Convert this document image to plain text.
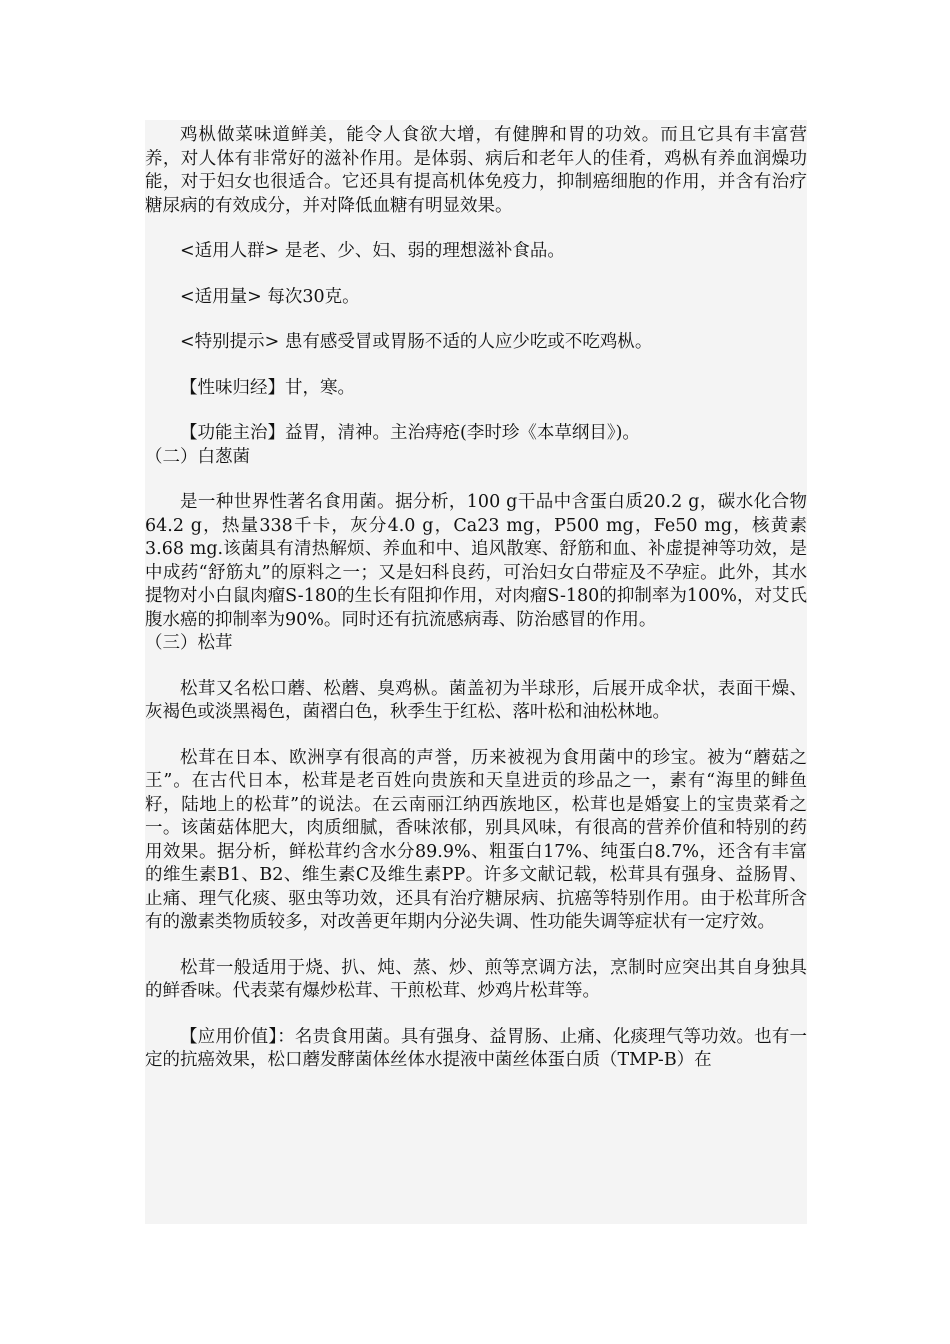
鸡枞做菜味道鲜美，能令人食欲大增，有健脾和胃的功效。而且它具有丰富营养，对人体有非常好的滋补作用。是体弱、病后和老年人的佳肴，鸡枞有养血润燥功能，对于妇女也很适合。它还具有提高机体免疫力，抑制癌细胞的作用，并含有治疗糖尿病的有效成分，并对降低血糖有明显效果。

<适用人群> 是老、少、妇、弱的理想滋补食品。

<适用量> 每次30克。

<特别提示> 患有感受冒或胃肠不适的人应少吃或不吃鸡枞。

【性味归经】甘，寒。

【功能主治】益胃，清神。主治痔疮(李时珍《本草纲目》)。

（二）白葱菌

是一种世界性著名食用菌。据分析，100 g干品中含蛋白质20.2 g，碳水化合物64.2 g，热量338千卡，灰分4.0 g，Ca23 mg，P500 mg，Fe50 mg，核黄素3.68 mg.该菌具有清热解烦、养血和中、追风散寒、舒筋和血、补虚提神等功效，是中成药“舒筋丸”的原料之一；又是妇科良药，可治妇女白带症及不孕症。此外，其水提物对小白鼠肉瘤S-180的生长有阻抑作用，对肉瘤S-180的抑制率为100%，对艾氏腹水癌的抑制率为90%。同时还有抗流感病毒、防治感冒的作用。

（三）松茸

松茸又名松口蘑、松蘑、臭鸡枞。菌盖初为半球形，后展开成伞状，表面干燥、灰褐色或淡黑褐色，菌褶白色，秋季生于红松、落叶松和油松林地。

松茸在日本、欧洲享有很高的声誉，历来被视为食用菌中的珍宝。被为“蘑菇之王”。在古代日本，松茸是老百姓向贵族和天皇进贡的珍品之一，素有“海里的鲱鱼籽，陆地上的松茸”的说法。在云南丽江纳西族地区，松茸也是婚宴上的宝贵菜肴之一。该菌菇体肥大，肉质细腻，香味浓郁，别具风味，有很高的营养价值和特别的药用效果。据分析，鲜松茸约含水分89.9%、粗蛋白17%、纯蛋白8.7%，还含有丰富的维生素B1、B2、维生素C及维生素PP。许多文献记载，松茸具有强身、益肠胃、止痛、理气化痰、驱虫等功效，还具有治疗糖尿病、抗癌等特别作用。由于松茸所含有的激素类物质较多，对改善更年期内分泌失调、性功能失调等症状有一定疗效。

松茸一般适用于烧、扒、炖、蒸、炒、煎等烹调方法，烹制时应突出其自身独具的鲜香味。代表菜有爆炒松茸、干煎松茸、炒鸡片松茸等。

【应用价值】：名贵食用菌。具有强身、益胃肠、止痛、化痰理气等功效。也有一定的抗癌效果，松口蘑发酵菌体丝体水提液中菌丝体蛋白质（TMP-B）在
